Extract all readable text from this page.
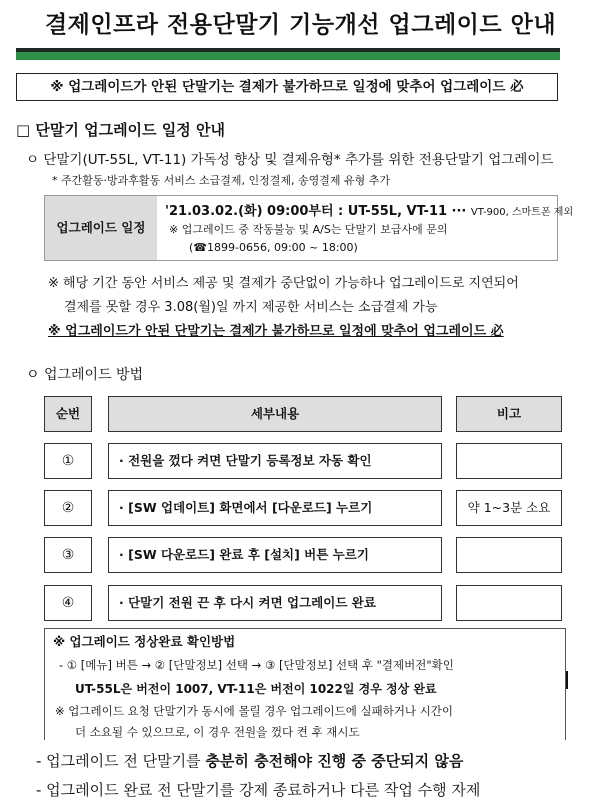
결제인프라 전용단말기 기능개선 업그레이드 안내
※ 업그레이드가 안된 단말기는 결제가 불가하므로 일정에 맞추어 업그레이드 必
□ 단말기 업그레이드 일정 안내
ㅇ 단말기(UT-55L, VT-11) 가독성 향상 및 결제유형* 추가를 위한 전용단말기 업그레이드
* 주간활동·방과후활동 서비스 소급결제, 인정결제, 송영결제 유형 추가
업그레이드 일정
'21.03.02.(화) 09:00부터 : UT-55L, VT-11 ··· VT-900, 스마트폰 제외
※ 업그레이드 중 작동불능 및 A/S는 단말기 보급사에 문의
(☎1899-0656, 09:00 ~ 18:00)
※ 해당 기간 동안 서비스 제공 및 결제가 중단없이 가능하나 업그레이드로 지연되어
결제를 못할 경우 3.08(월)일 까지 제공한 서비스는 소급결제 가능
※ 업그레이드가 안된 단말기는 결제가 불가하므로 일정에 맞추어 업그레이드 必
ㅇ 업그레이드 방법
순번	세부내용	비고
①	· 전원을 껐다 켜면 단말기 등록정보 자동 확인
②	· [SW 업데이트] 화면에서 [다운로드] 누르기	약 1~3분 소요
③	· [SW 다운로드] 완료 후 [설치] 버튼 누르기
④	· 단말기 전원 끈 후 다시 켜면 업그레이드 완료
※ 업그레이드 정상완료 확인방법
- ① [메뉴] 버튼 → ② [단말정보] 선택 → ③ [단말정보] 선택 후 "결제버전"확인
UT-55L은 버전이 1007, VT-11은 버전이 1022일 경우 정상 완료
※ 업그레이드 요청 단말기가 동시에 몰릴 경우 업그레이드에 실패하거나 시간이
더 소요될 수 있으므로, 이 경우 전원을 껐다 켠 후 재시도
- 업그레이드 전 단말기를 충분히 충전해야 진행 중 중단되지 않음
- 업그레이드 완료 전 단말기를 강제 종료하거나 다른 작업 수행 자제
